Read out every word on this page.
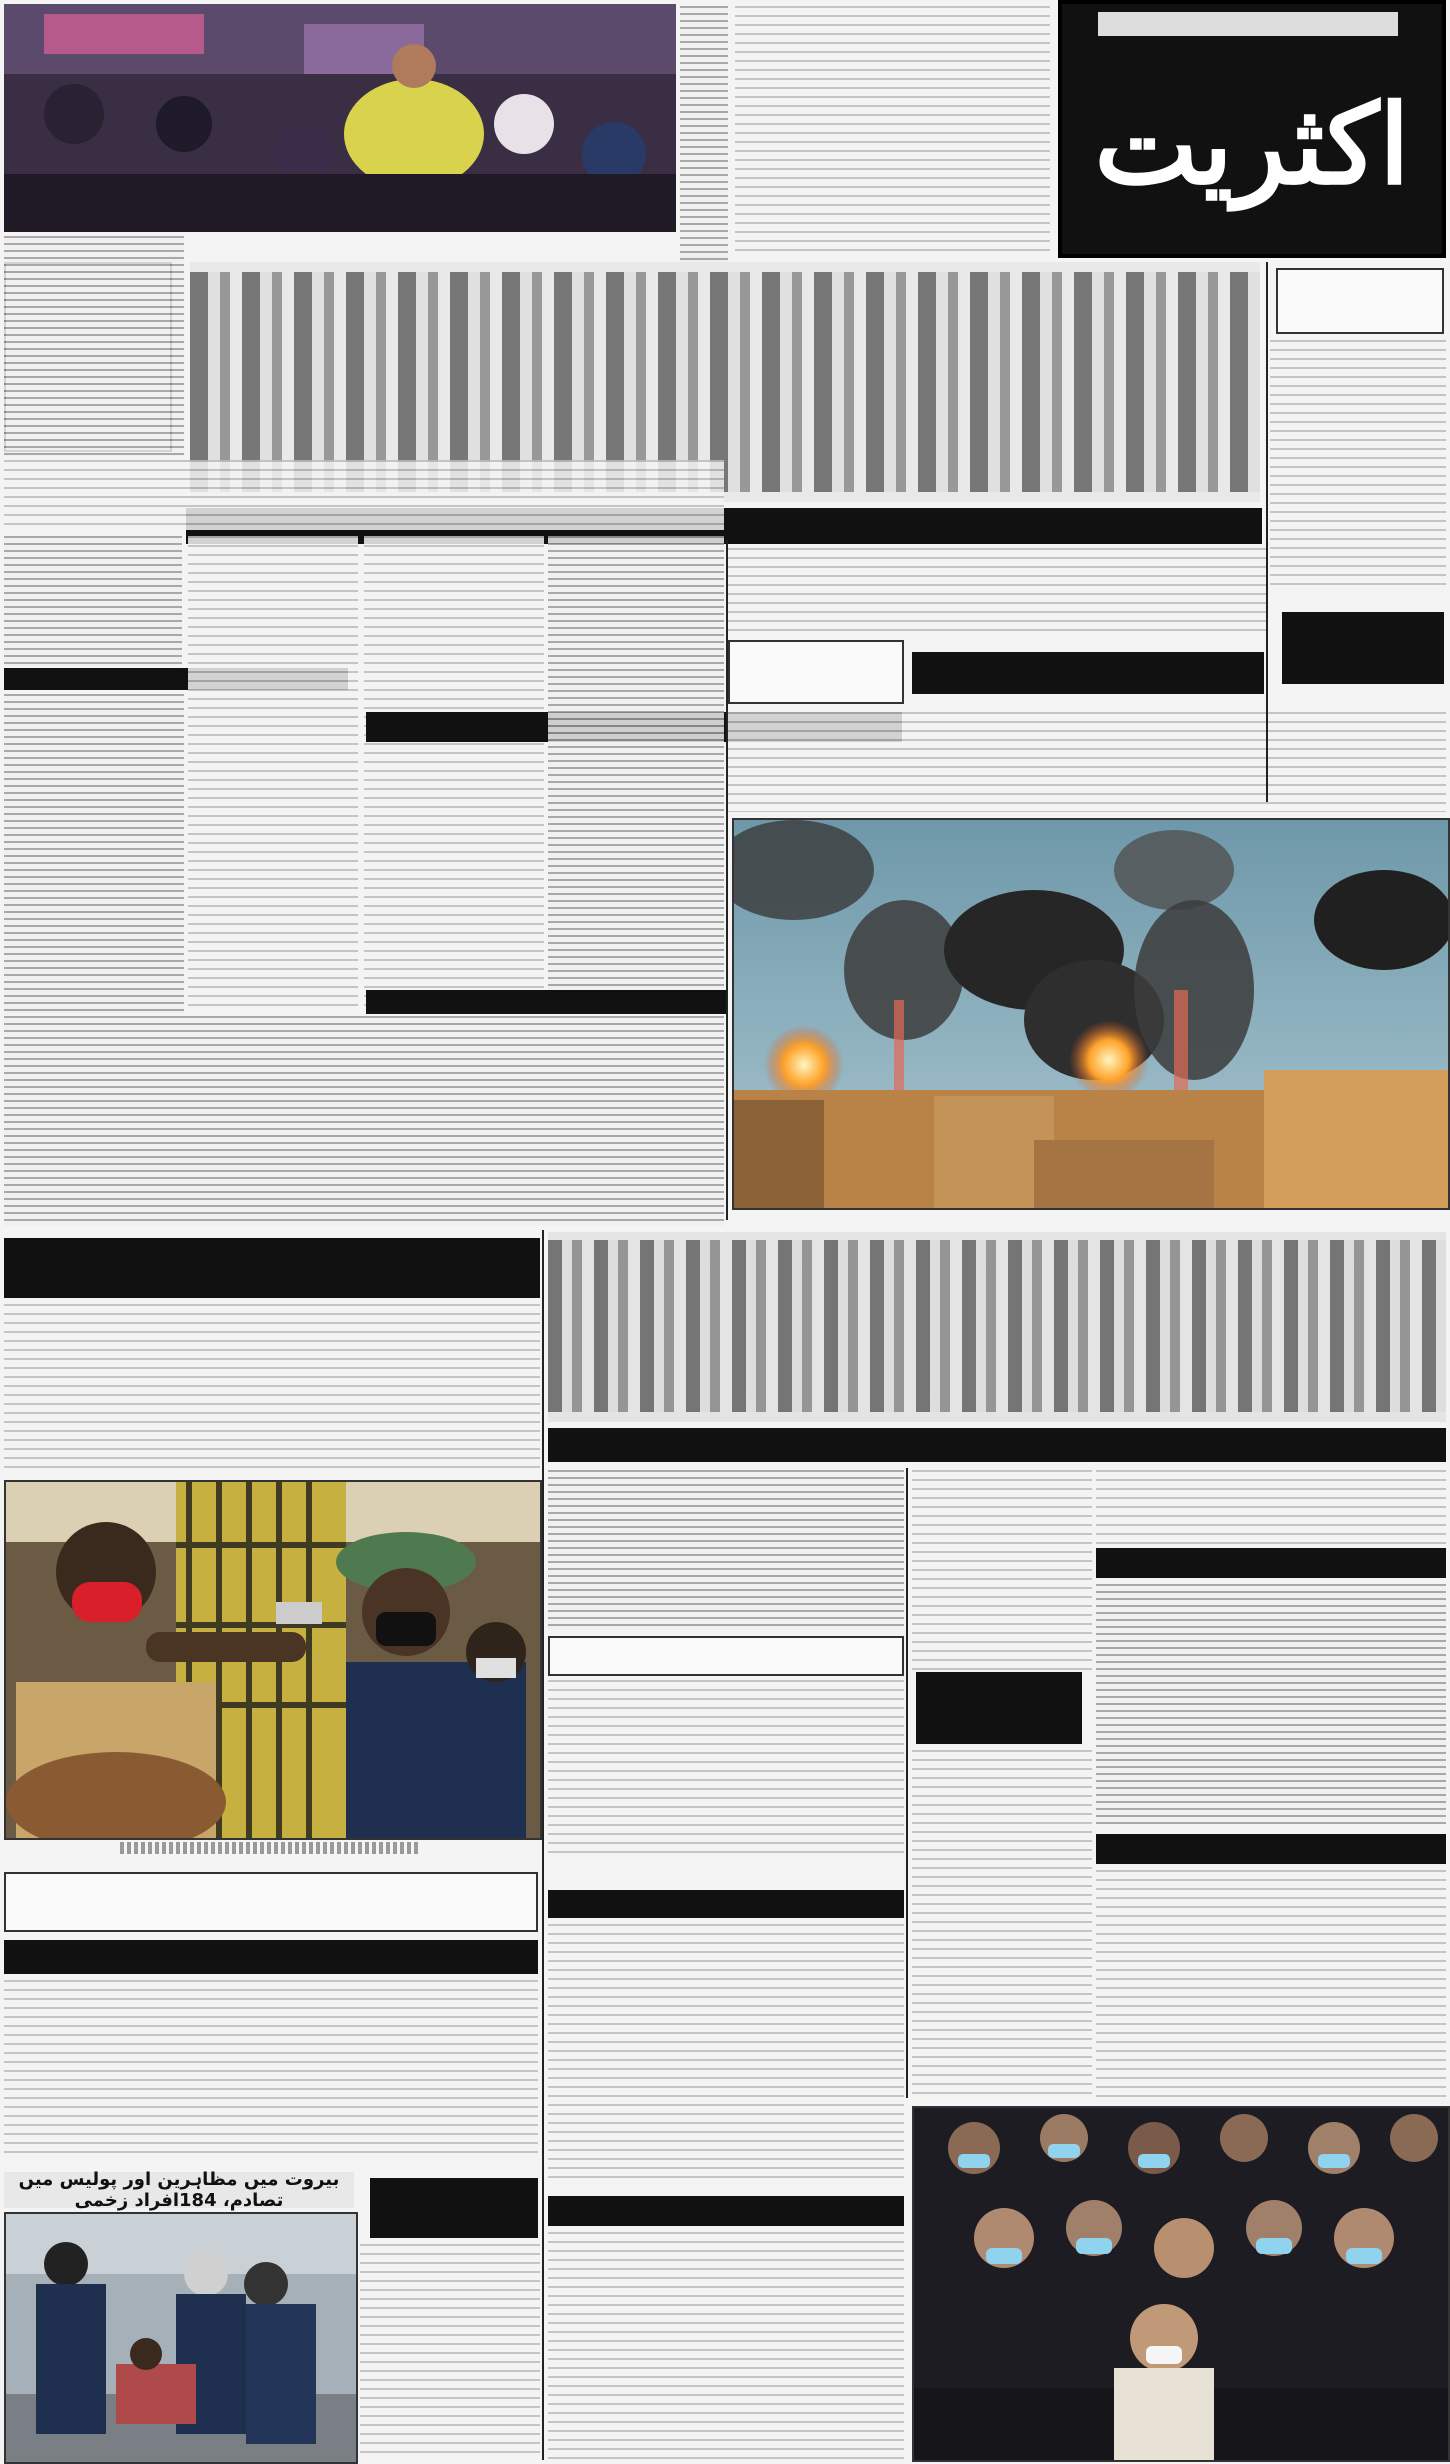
اکثریت
بیروت میں مظاہرین اور پولیس میں تصادم، 184افراد زخمی
